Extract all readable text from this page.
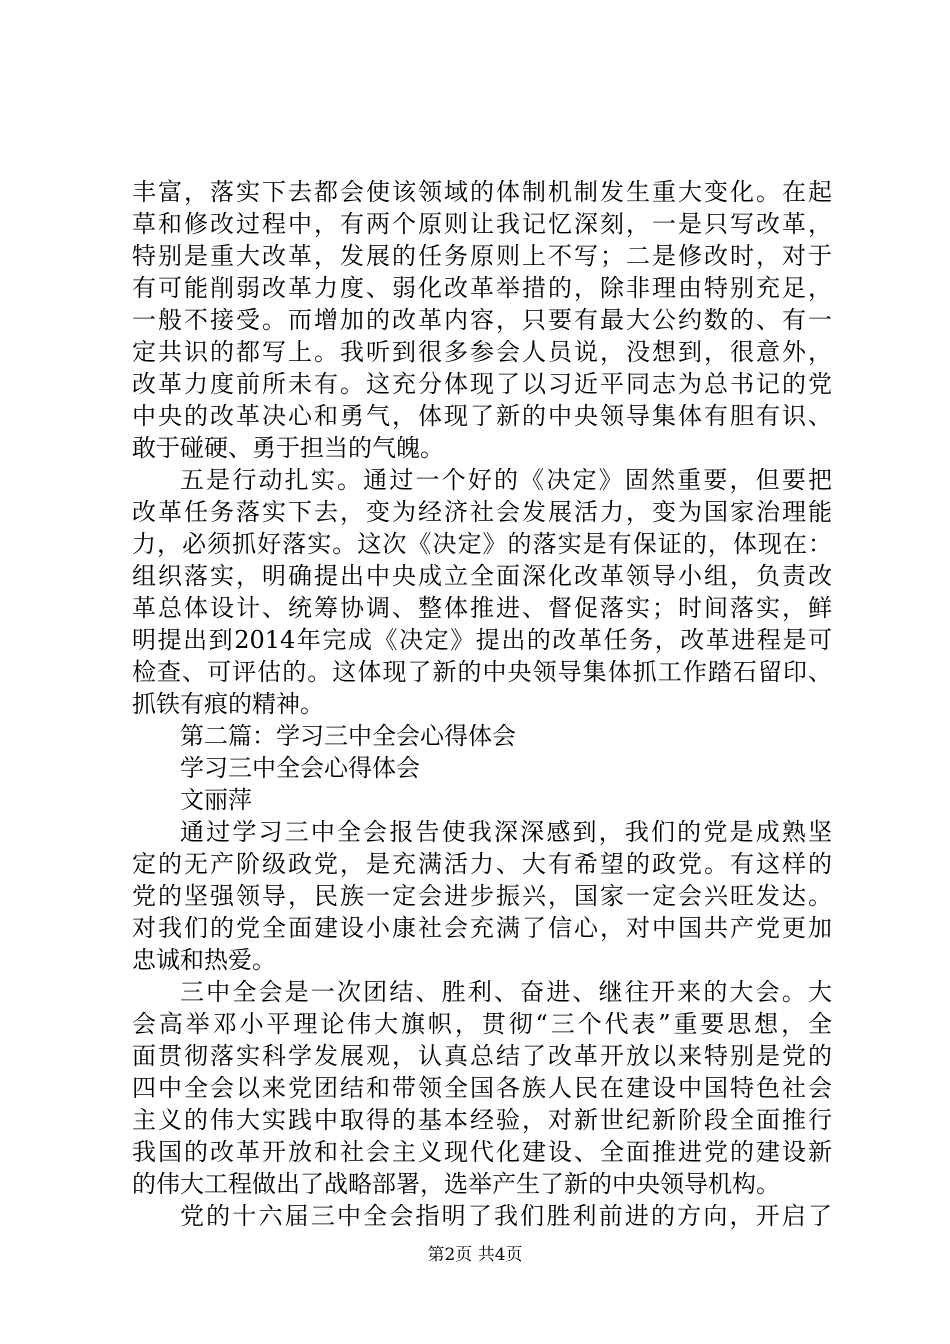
丰富，落实下去都会使该领域的体制机制发生重大变化。在起
草和修改过程中，有两个原则让我记忆深刻，一是只写改革，
特别是重大改革，发展的任务原则上不写；二是修改时，对于
有可能削弱改革力度、弱化改革举措的，除非理由特别充足，
一般不接受。而增加的改革内容，只要有最大公约数的、有一
定共识的都写上。我听到很多参会人员说，没想到，很意外，
改革力度前所未有。这充分体现了以习近平同志为总书记的党
中央的改革决心和勇气，体现了新的中央领导集体有胆有识、
敢于碰硬、勇于担当的气魄。
五是行动扎实。通过一个好的《决定》固然重要，但要把
改革任务落实下去，变为经济社会发展活力，变为国家治理能
力，必须抓好落实。这次《决定》的落实是有保证的，体现在：
组织落实，明确提出中央成立全面深化改革领导小组，负责改
革总体设计、统筹协调、整体推进、督促落实；时间落实，鲜
明提出到2014年完成《决定》提出的改革任务，改革进程是可
检查、可评估的。这体现了新的中央领导集体抓工作踏石留印、
抓铁有痕的精神。
第二篇：学习三中全会心得体会
学习三中全会心得体会
文丽萍
通过学习三中全会报告使我深深感到，我们的党是成熟坚
定的无产阶级政党，是充满活力、大有希望的政党。有这样的
党的坚强领导，民族一定会进步振兴，国家一定会兴旺发达。
对我们的党全面建设小康社会充满了信心，对中国共产党更加
忠诚和热爱。
三中全会是一次团结、胜利、奋进、继往开来的大会。大
会高举邓小平理论伟大旗帜，贯彻“三个代表”重要思想，全
面贯彻落实科学发展观，认真总结了改革开放以来特别是党的
四中全会以来党团结和带领全国各族人民在建设中国特色社会
主义的伟大实践中取得的基本经验，对新世纪新阶段全面推行
我国的改革开放和社会主义现代化建设、全面推进党的建设新
的伟大工程做出了战略部署，选举产生了新的中央领导机构。
党的十六届三中全会指明了我们胜利前进的方向，开启了
第2页 共4页
